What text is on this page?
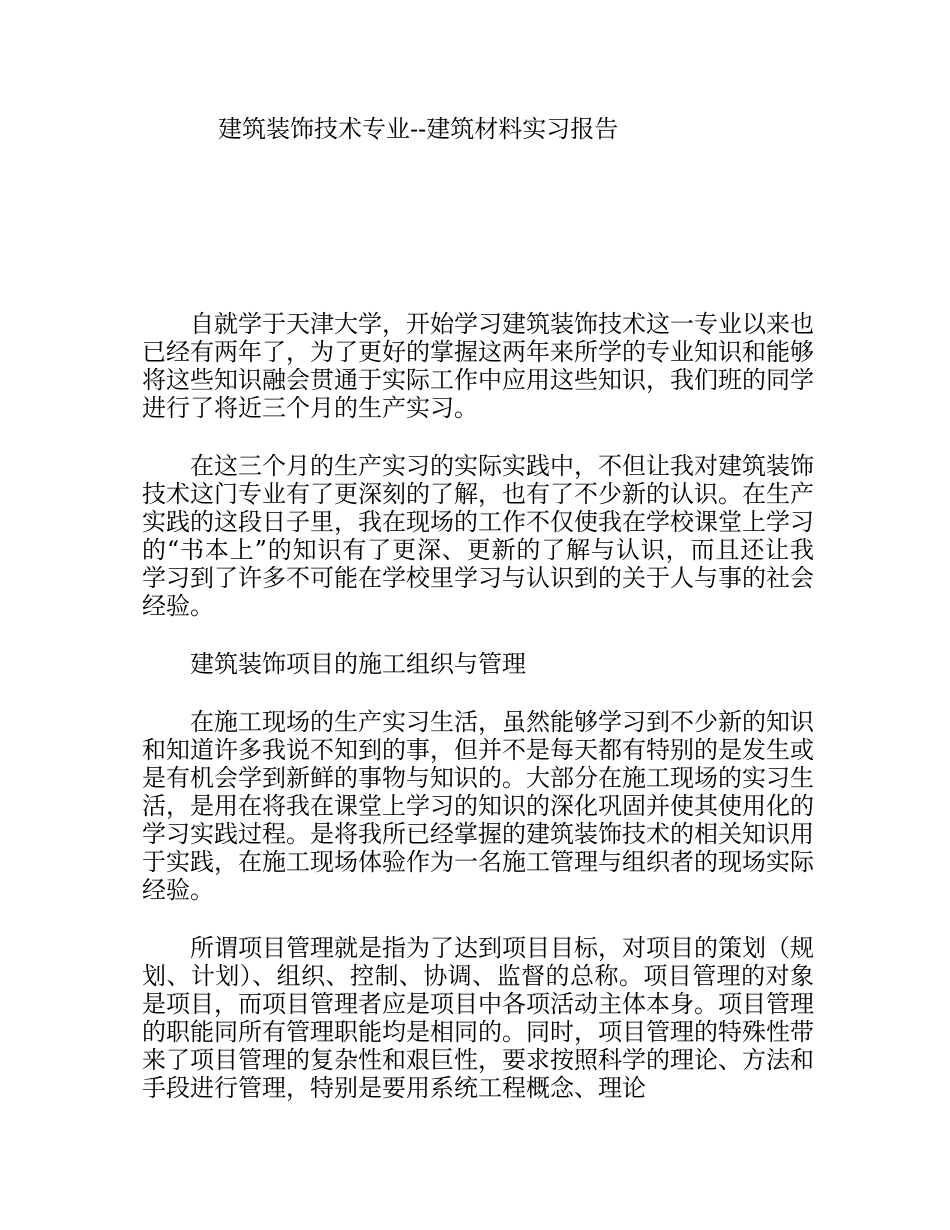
建筑装饰技术专业--建筑材料实习报告

自就学于天津大学，开始学习建筑装饰技术这一专业以来也已经有两年了，为了更好的掌握这两年来所学的专业知识和能够将这些知识融会贯通于实际工作中应用这些知识，我们班的同学进行了将近三个月的生产实习。

在这三个月的生产实习的实际实践中，不但让我对建筑装饰技术这门专业有了更深刻的了解，也有了不少新的认识。在生产实践的这段日子里，我在现场的工作不仅使我在学校课堂上学习的“书本上”的知识有了更深、更新的了解与认识，而且还让我学习到了许多不可能在学校里学习与认识到的关于人与事的社会经验。

建筑装饰项目的施工组织与管理

在施工现场的生产实习生活，虽然能够学习到不少新的知识和知道许多我说不知到的事，但并不是每天都有特别的是发生或是有机会学到新鲜的事物与知识的。大部分在施工现场的实习生活，是用在将我在课堂上学习的知识的深化巩固并使其使用化的学习实践过程。是将我所已经掌握的建筑装饰技术的相关知识用于实践，在施工现场体验作为一名施工管理与组织者的现场实际经验。

所谓项目管理就是指为了达到项目目标，对项目的策划（规划、计划）、组织、控制、协调、监督的总称。项目管理的对象是项目，而项目管理者应是项目中各项活动主体本身。项目管理的职能同所有管理职能均是相同的。同时，项目管理的特殊性带来了项目管理的复杂性和艰巨性，要求按照科学的理论、方法和手段进行管理，特别是要用系统工程概念、理论
